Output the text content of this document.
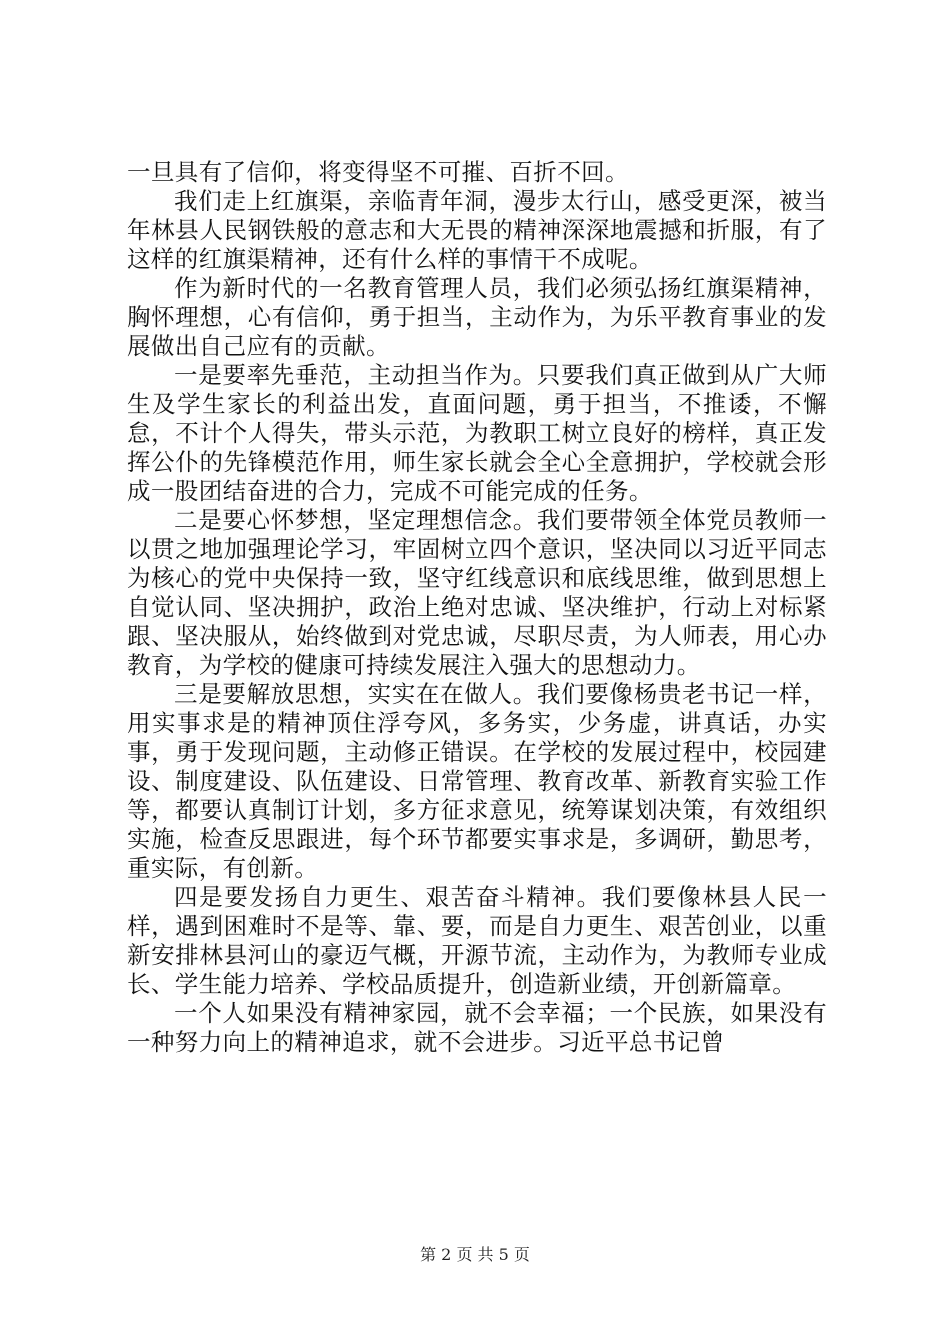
一旦具有了信仰，将变得坚不可摧、百折不回。

我们走上红旗渠，亲临青年洞，漫步太行山，感受更深，被当年林县人民钢铁般的意志和大无畏的精神深深地震撼和折服，有了这样的红旗渠精神，还有什么样的事情干不成呢。

作为新时代的一名教育管理人员，我们必须弘扬红旗渠精神，胸怀理想，心有信仰，勇于担当，主动作为，为乐平教育事业的发展做出自己应有的贡献。

一是要率先垂范，主动担当作为。只要我们真正做到从广大师生及学生家长的利益出发，直面问题，勇于担当，不推诿，不懈怠，不计个人得失，带头示范，为教职工树立良好的榜样，真正发挥公仆的先锋模范作用，师生家长就会全心全意拥护，学校就会形成一股团结奋进的合力，完成不可能完成的任务。

二是要心怀梦想，坚定理想信念。我们要带领全体党员教师一以贯之地加强理论学习，牢固树立四个意识，坚决同以习近平同志为核心的党中央保持一致，坚守红线意识和底线思维，做到思想上自觉认同、坚决拥护，政治上绝对忠诚、坚决维护，行动上对标紧跟、坚决服从，始终做到对党忠诚，尽职尽责，为人师表，用心办教育，为学校的健康可持续发展注入强大的思想动力。

三是要解放思想，实实在在做人。我们要像杨贵老书记一样，用实事求是的精神顶住浮夸风，多务实，少务虚，讲真话，办实事，勇于发现问题，主动修正错误。在学校的发展过程中，校园建设、制度建设、队伍建设、日常管理、教育改革、新教育实验工作等，都要认真制订计划，多方征求意见，统筹谋划决策，有效组织实施，检查反思跟进，每个环节都要实事求是，多调研，勤思考，重实际，有创新。

四是要发扬自力更生、艰苦奋斗精神。我们要像林县人民一样，遇到困难时不是等、靠、要，而是自力更生、艰苦创业，以重新安排林县河山的豪迈气概，开源节流，主动作为，为教师专业成长、学生能力培养、学校品质提升，创造新业绩，开创新篇章。

一个人如果没有精神家园，就不会幸福；一个民族，如果没有一种努力向上的精神追求，就不会进步。习近平总书记曾

第 2 页 共 5 页
